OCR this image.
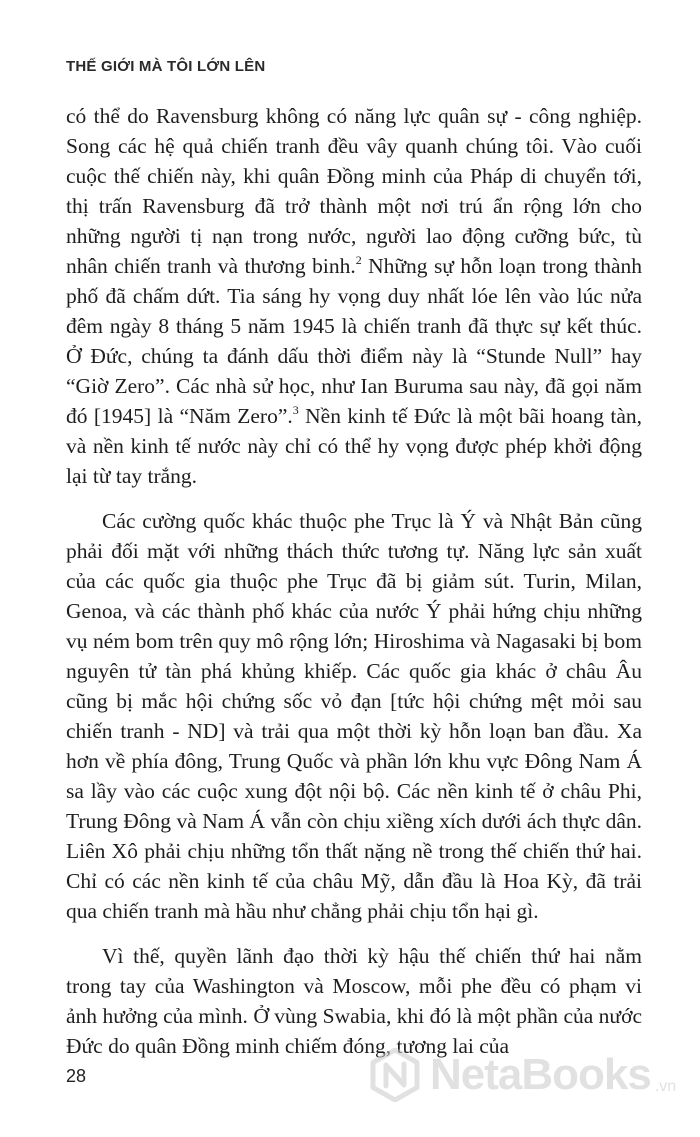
THẾ GIỚI MÀ TÔI LỚN LÊN

có thể do Ravensburg không có năng lực quân sự - công nghiệp. Song các hệ quả chiến tranh đều vây quanh chúng tôi. Vào cuối cuộc thế chiến này, khi quân Đồng minh của Pháp di chuyển tới, thị trấn Ravensburg đã trở thành một nơi trú ẩn rộng lớn cho những người tị nạn trong nước, người lao động cưỡng bức, tù nhân chiến tranh và thương binh.$^2$ Những sự hỗn loạn trong thành phố đã chấm dứt. Tia sáng hy vọng duy nhất lóe lên vào lúc nửa đêm ngày 8 tháng 5 năm 1945 là chiến tranh đã thực sự kết thúc. Ở Đức, chúng ta đánh dấu thời điểm này là “Stunde Null” hay “Giờ Zero”. Các nhà sử học, như Ian Buruma sau này, đã gọi năm đó [1945] là “Năm Zero”.$^3$ Nền kinh tế Đức là một bãi hoang tàn, và nền kinh tế nước này chỉ có thể hy vọng được phép khởi động lại từ tay trắng.

Các cường quốc khác thuộc phe Trục là Ý và Nhật Bản cũng phải đối mặt với những thách thức tương tự. Năng lực sản xuất của các quốc gia thuộc phe Trục đã bị giảm sút. Turin, Milan, Genoa, và các thành phố khác của nước Ý phải hứng chịu những vụ ném bom trên quy mô rộng lớn; Hiroshima và Nagasaki bị bom nguyên tử tàn phá khủng khiếp. Các quốc gia khác ở châu Âu cũng bị mắc hội chứng sốc vỏ đạn [tức hội chứng mệt mỏi sau chiến tranh - ND] và trải qua một thời kỳ hỗn loạn ban đầu. Xa hơn về phía đông, Trung Quốc và phần lớn khu vực Đông Nam Á sa lầy vào các cuộc xung đột nội bộ. Các nền kinh tế ở châu Phi, Trung Đông và Nam Á vẫn còn chịu xiềng xích dưới ách thực dân. Liên Xô phải chịu những tổn thất nặng nề trong thế chiến thứ hai. Chỉ có các nền kinh tế của châu Mỹ, dẫn đầu là Hoa Kỳ, đã trải qua chiến tranh mà hầu như chẳng phải chịu tổn hại gì.

Vì thế, quyền lãnh đạo thời kỳ hậu thế chiến thứ hai nằm trong tay của Washington và Moscow, mỗi phe đều có phạm vi ảnh hưởng của mình. Ở vùng Swabia, khi đó là một phần của nước Đức do quân Đồng minh chiếm đóng, tương lai của

28	NetaBooks .vn
